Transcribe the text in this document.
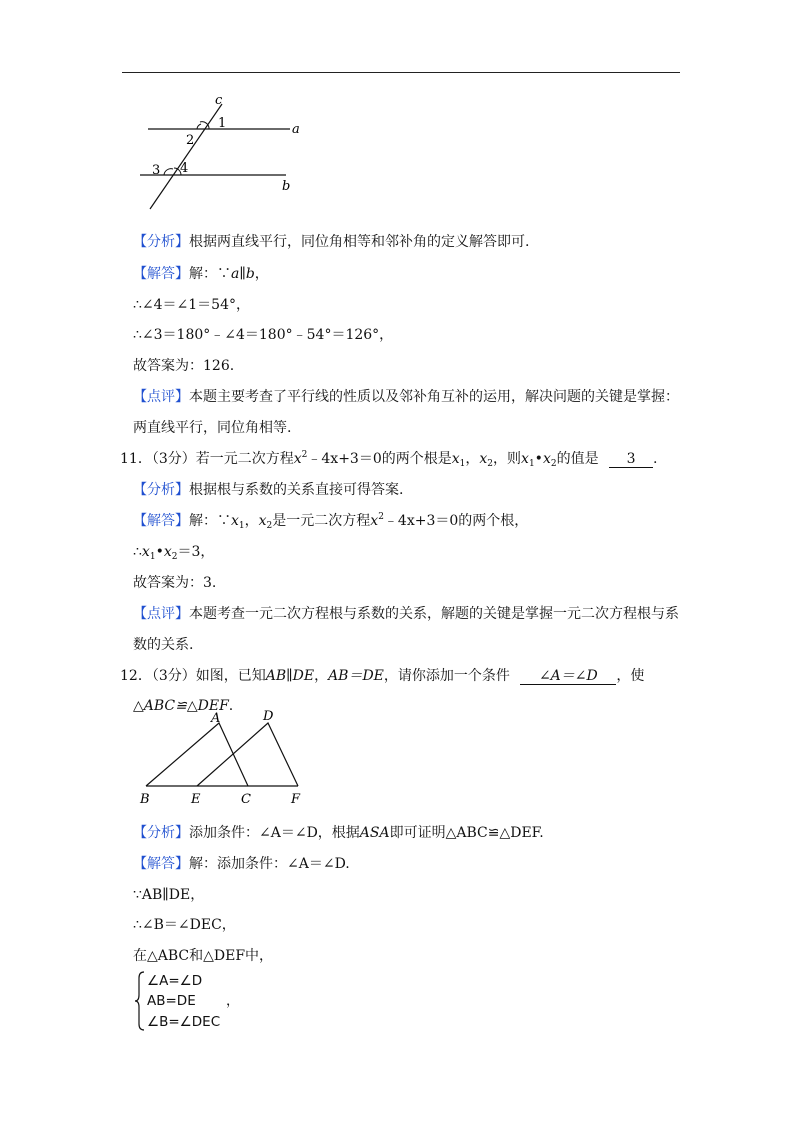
c
a
b
1
2
3 4
【分析】根据两直线平行，同位角相等和邻补角的定义解答即可.
【解答】解：∵a∥b，
∴∠4＝∠1＝54°，
∴∠3＝180°﹣∠4＝180°﹣54°＝126°，
故答案为：126.
【点评】本题主要考查了平行线的性质以及邻补角互补的运用，解决问题的关键是掌握：
两直线平行，同位角相等.
11．（3分）若一元二次方程$x^2﹣4x+3=0$的两个根是$x_1$，$x_2$，则$x_1•x_2$的值是 3 .
【分析】根据根与系数的关系直接可得答案.
【解答】解：$\because x_1$，$x_2$是一元二次方程$x^2﹣4x+3=0$的两个根，
$\therefore x_1•x_2=3$，
故答案为：3.
【点评】本题考查一元二次方程根与系数的关系，解题的关键是掌握一元二次方程根与系
数的关系.
12．（3分）如图，已知AB∥DE，AB＝DE，请你添加一个条件 ∠A＝∠D ，使
△ABC≌△DEF.
A	D
B	E	C	F
【分析】添加条件：∠A＝∠D，根据ASA即可证明△ABC≌△DEF.
【解答】解：添加条件：∠A＝∠D.
∵AB∥DE，
∴∠B＝∠DEC，
在△ABC和△DEF中，
∠A=∠D
AB=DE
∠B=∠DEC
，
